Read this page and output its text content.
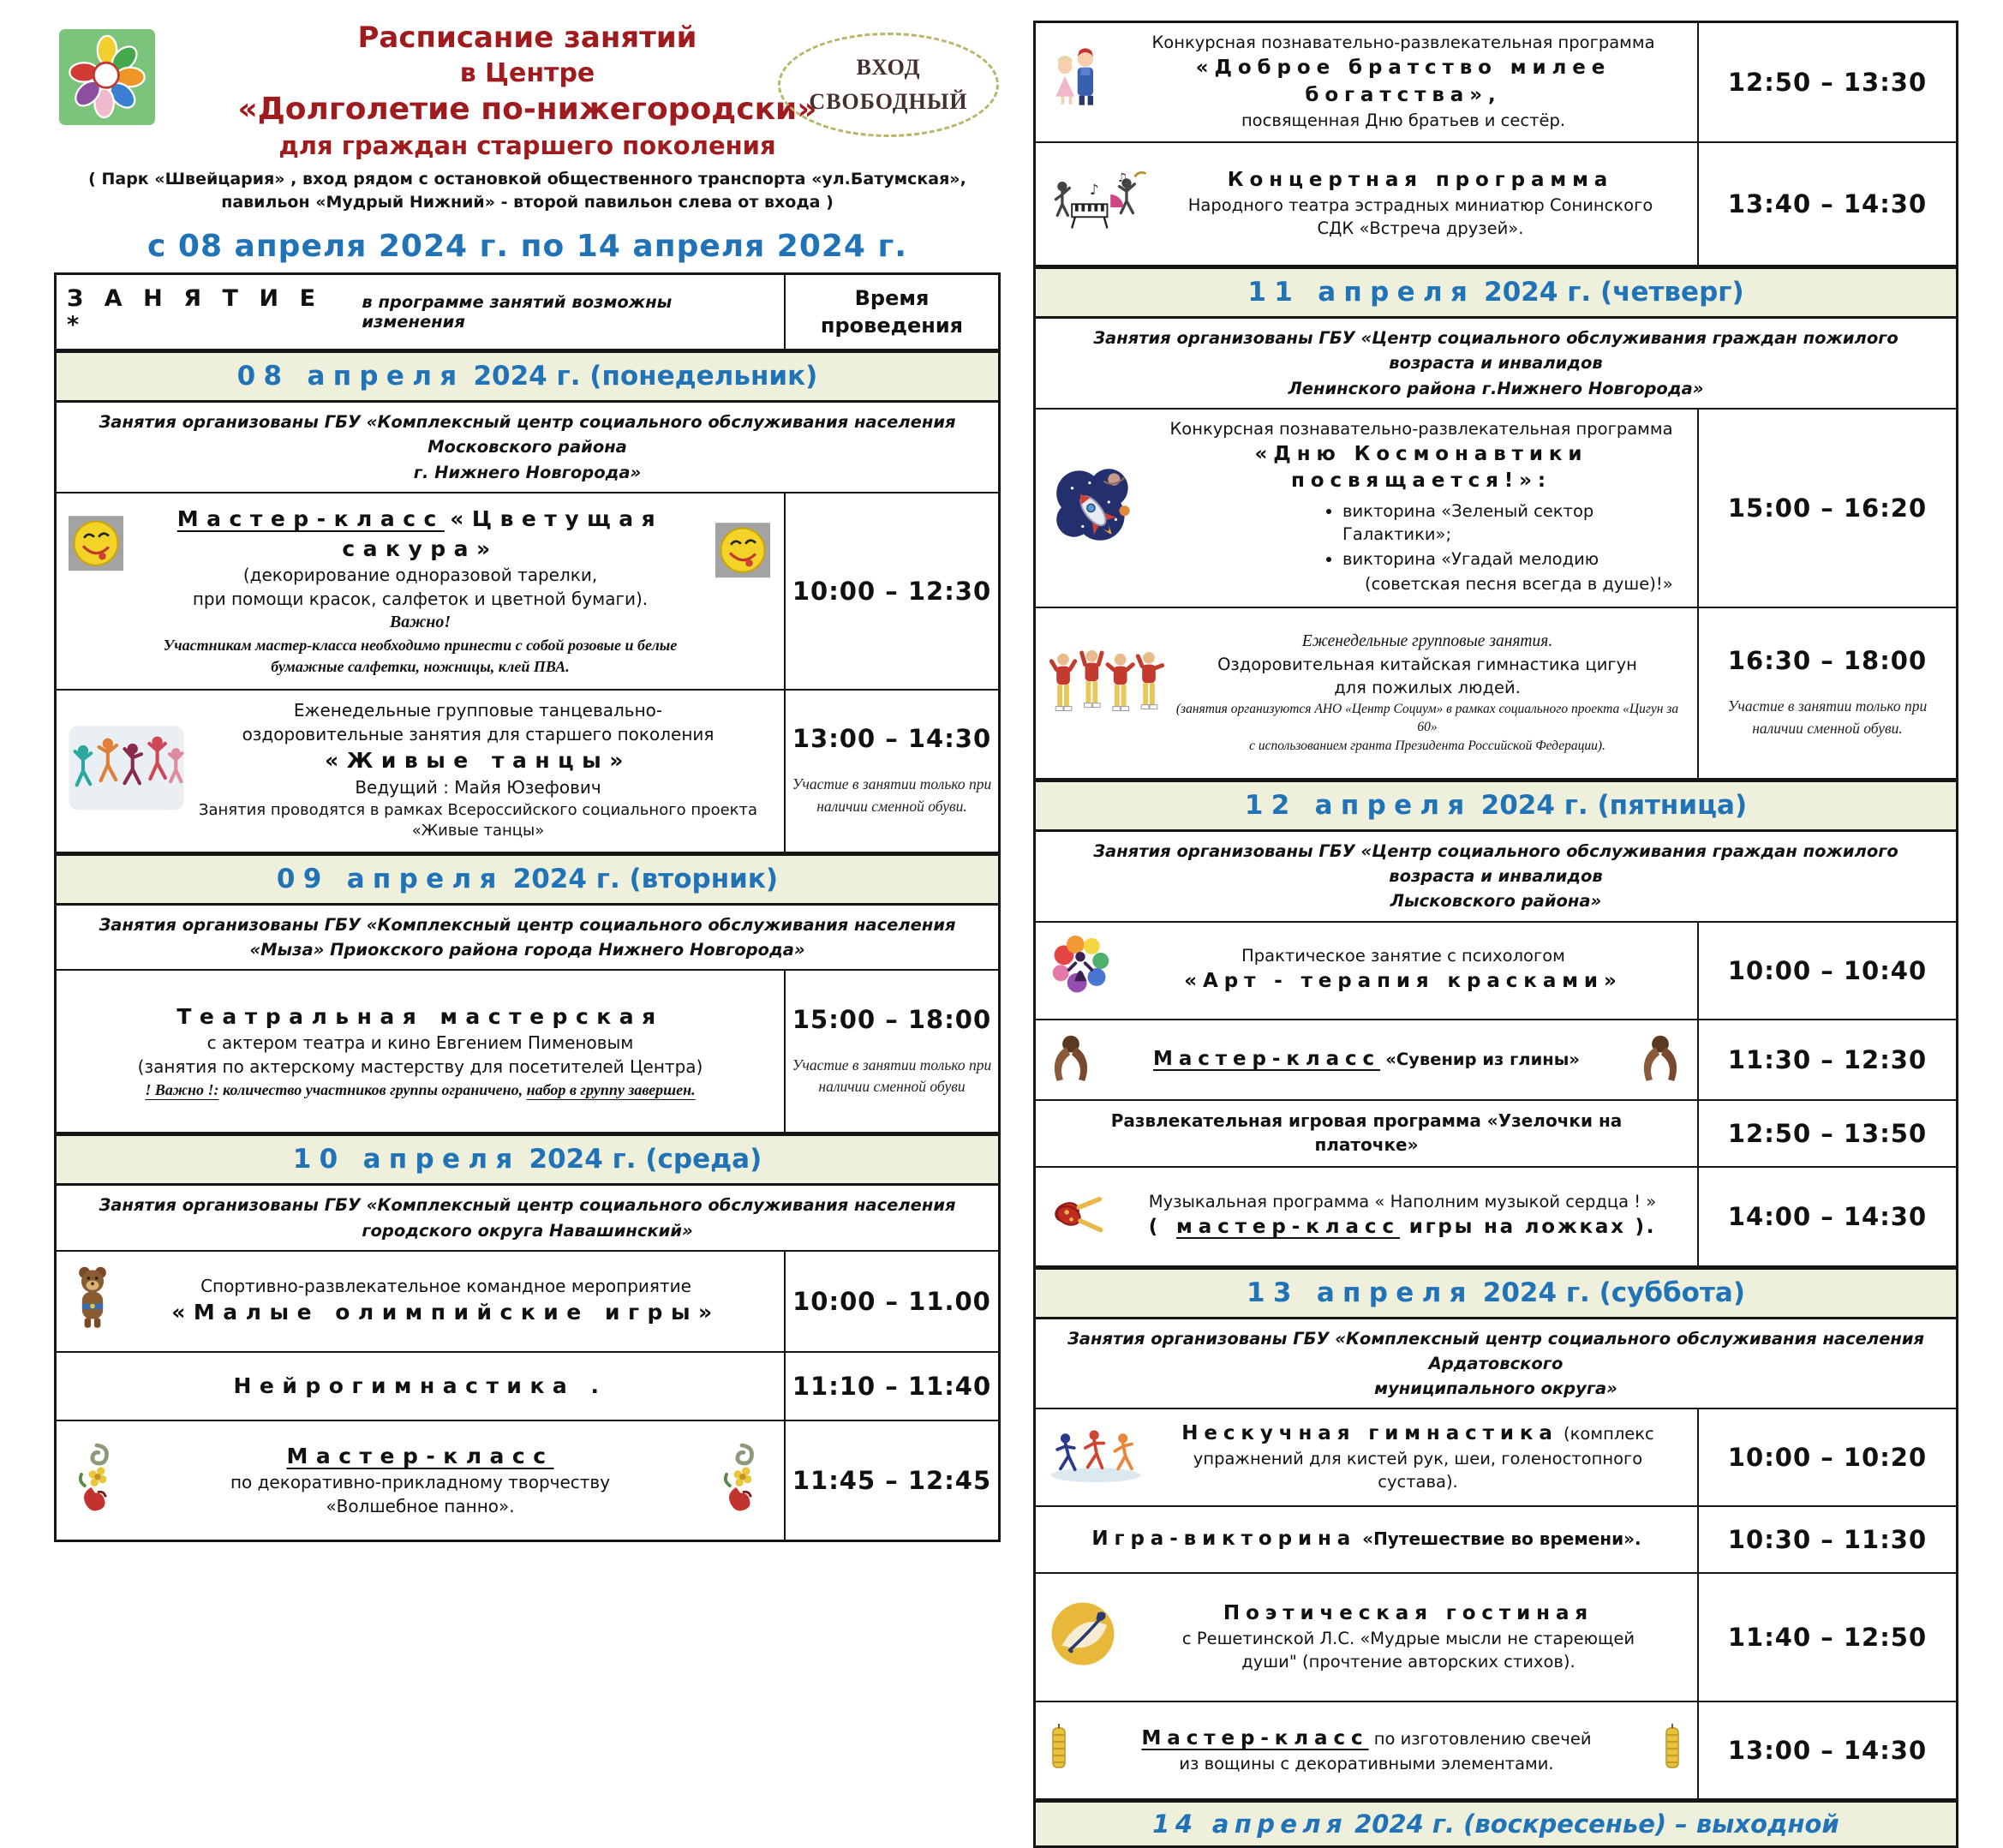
Расписание занятий
в Центре
«Долголетие по-нижегородски»
для граждан старшего поколения
ВХОД
СВОБОДНЫЙ
( Парк «Швейцария» , вход рядом с остановкой общественного транспорта «ул.Батумская»,
павильон «Мудрый Нижний» - второй павильон слева от входа )
с 08 апреля 2024 г. по 14 апреля 2024 г.
З А Н Я Т И Е *
в программе занятий возможны изменения
Время
проведения
08 апреля 2024 г. (понедельник)
Занятия организованы ГБУ «Комплексный центр социального обслуживания населения Московского района
г. Нижнего Новгорода»
Мастер-класс «Цветущая сакура»
(декорирование одноразовой тарелки,
при помощи красок, салфеток и цветной бумаги).
Важно!
Участникам мастер-класса необходимо принести с собой розовые и белые
бумажные салфетки, ножницы, клей ПВА.
10:00 – 12:30
Еженедельные групповые танцевально-
оздоровительные занятия для старшего поколения
«Живые танцы»
Ведущий : Майя Юзефович
Занятия проводятся в рамках Всероссийского социального проекта «Живые танцы»
13:00 – 14:30
Участие в занятии только при наличии сменной обуви.
09 апреля 2024 г. (вторник)
Занятия организованы ГБУ «Комплексный центр социального обслуживания населения
«Мыза» Приокского района города Нижнего Новгорода»
Театральная мастерская
с актером театра и кино Евгением Пименовым
(занятия по актерскому мастерству для посетителей Центра)
! Важно !: количество участников группы ограничено, набор в группу завершен.
15:00 – 18:00
Участие в занятии только при наличии сменной обуви
10 апреля 2024 г. (среда)
Занятия организованы ГБУ «Комплексный центр социального обслуживания населения
городского округа Навашинский»
Спортивно-развлекательное командное мероприятие
«Малые олимпийские игры»	10:00 – 11.00
Нейрогимнастика .	11:10 – 11:40
Мастер-класс
по декоративно-прикладному творчеству
«Волшебное панно».
11:45 – 12:45
Конкурсная познавательно-развлекательная программа
«Доброе братство милее богатства»,
посвященная Дню братьев и сестёр.
12:50 – 13:30
♪
♫	Концертная программа
Народного театра эстрадных миниатюр Сонинского
СДК «Встреча друзей».
13:40 – 14:30
11 апреля 2024 г. (четверг)
Занятия организованы ГБУ «Центр социального обслуживания граждан пожилого возраста и инвалидов
Ленинского района г.Нижнего Новгорода»
Конкурсная познавательно-развлекательная программа
«Дню Космонавтики посвящается!»:
• викторина «Зеленый сектор Галактики»;
• викторина «Угадай мелодию
(советская песня всегда в душе)!»
15:00 – 16:20
Еженедельные групповые занятия.
Оздоровительная китайская гимнастика цигун
для пожилых людей.
(занятия организуются АНО «Центр Социум» в рамках социального проекта «Цигун за 60»
с использованием гранта Президента Российской Федерации).
16:30 – 18:00
Участие в занятии только при наличии сменной обуви.
12 апреля 2024 г. (пятница)
Занятия организованы ГБУ «Центр социального обслуживания граждан пожилого возраста и инвалидов
Лысковского района»
Практическое занятие с психологом
«Арт - терапия красками»	10:00 – 10:40
Мастер-класс «Сувенир из глины»	11:30 – 12:30
Развлекательная игровая программа «Узелочки на платочке»	12:50 – 13:50
Музыкальная программа « Наполним музыкой сердца ! »
( мастер-класс игры на ложках ).	14:00 – 14:30
13 апреля 2024 г. (суббота)
Занятия организованы ГБУ «Комплексный центр социального обслуживания населения Ардатовского
муниципального округа»
Нескучная гимнастика (комплекс
упражнений для кистей рук, шеи, голеностопного сустава).
10:00 – 10:20
Игра-викторина «Путешествие во времени».	10:30 – 11:30
Поэтическая гостиная
с Решетинской Л.С. «Мудрые мысли не стареющей
души" (прочтение авторских стихов).
11:40 – 12:50
Мастер-класс по изготовлению свечей
из вощины с декоративными элементами.	13:00 – 14:30
14 апреля 2024 г. (воскресенье) – выходной
